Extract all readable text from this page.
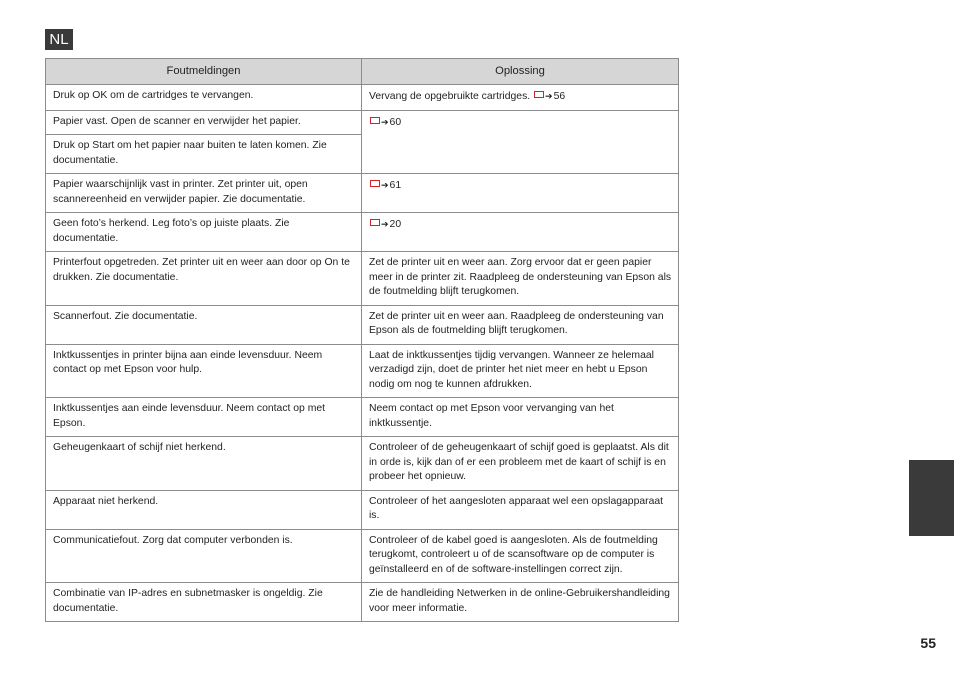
NL
Foutmeldingen	Oplossing
Druk op OK om de cartridges te vervangen.	Vervang de opgebruikte cartridges. ➔56
Papier vast. Open de scanner en verwijder het papier.	➔60
Druk op Start om het papier naar buiten te laten komen. Zie documentatie.	
Papier waarschijnlijk vast in printer. Zet printer uit, open scannereenheid en verwijder papier. Zie documentatie.	➔61
Geen foto’s herkend. Leg foto’s op juiste plaats. Zie documentatie.	➔20
Printerfout opgetreden. Zet printer uit en weer aan door op On te drukken. Zie documentatie.	Zet de printer uit en weer aan. Zorg ervoor dat er geen papier meer in de printer zit. Raadpleeg de ondersteuning van Epson als de foutmelding blijft terugkomen.
Scannerfout. Zie documentatie.	Zet de printer uit en weer aan. Raadpleeg de ondersteuning van Epson als de foutmelding blijft terugkomen.
Inktkussentjes in printer bijna aan einde levensduur. Neem contact op met Epson voor hulp.	Laat de inktkussentjes tijdig vervangen. Wanneer ze helemaal verzadigd zijn, doet de printer het niet meer en hebt u Epson nodig om nog te kunnen afdrukken.
Inktkussentjes aan einde levensduur. Neem contact op met Epson.	Neem contact op met Epson voor vervanging van het inktkussentje.
Geheugenkaart of schijf niet herkend.	Controleer of de geheugenkaart of schijf goed is geplaatst. Als dit in orde is, kijk dan of er een probleem met de kaart of schijf is en probeer het opnieuw.
Apparaat niet herkend.	Controleer of het aangesloten apparaat wel een opslagapparaat is.
Communicatiefout. Zorg dat computer verbonden is.	Controleer of de kabel goed is aangesloten. Als de foutmelding terugkomt, controleert u of de scansoftware op de computer is geïnstalleerd en of de software-instellingen correct zijn.
Combinatie van IP-adres en subnetmasker is ongeldig. Zie documentatie.	Zie de handleiding Netwerken in de online-Gebruikershandleiding voor meer informatie.
55
